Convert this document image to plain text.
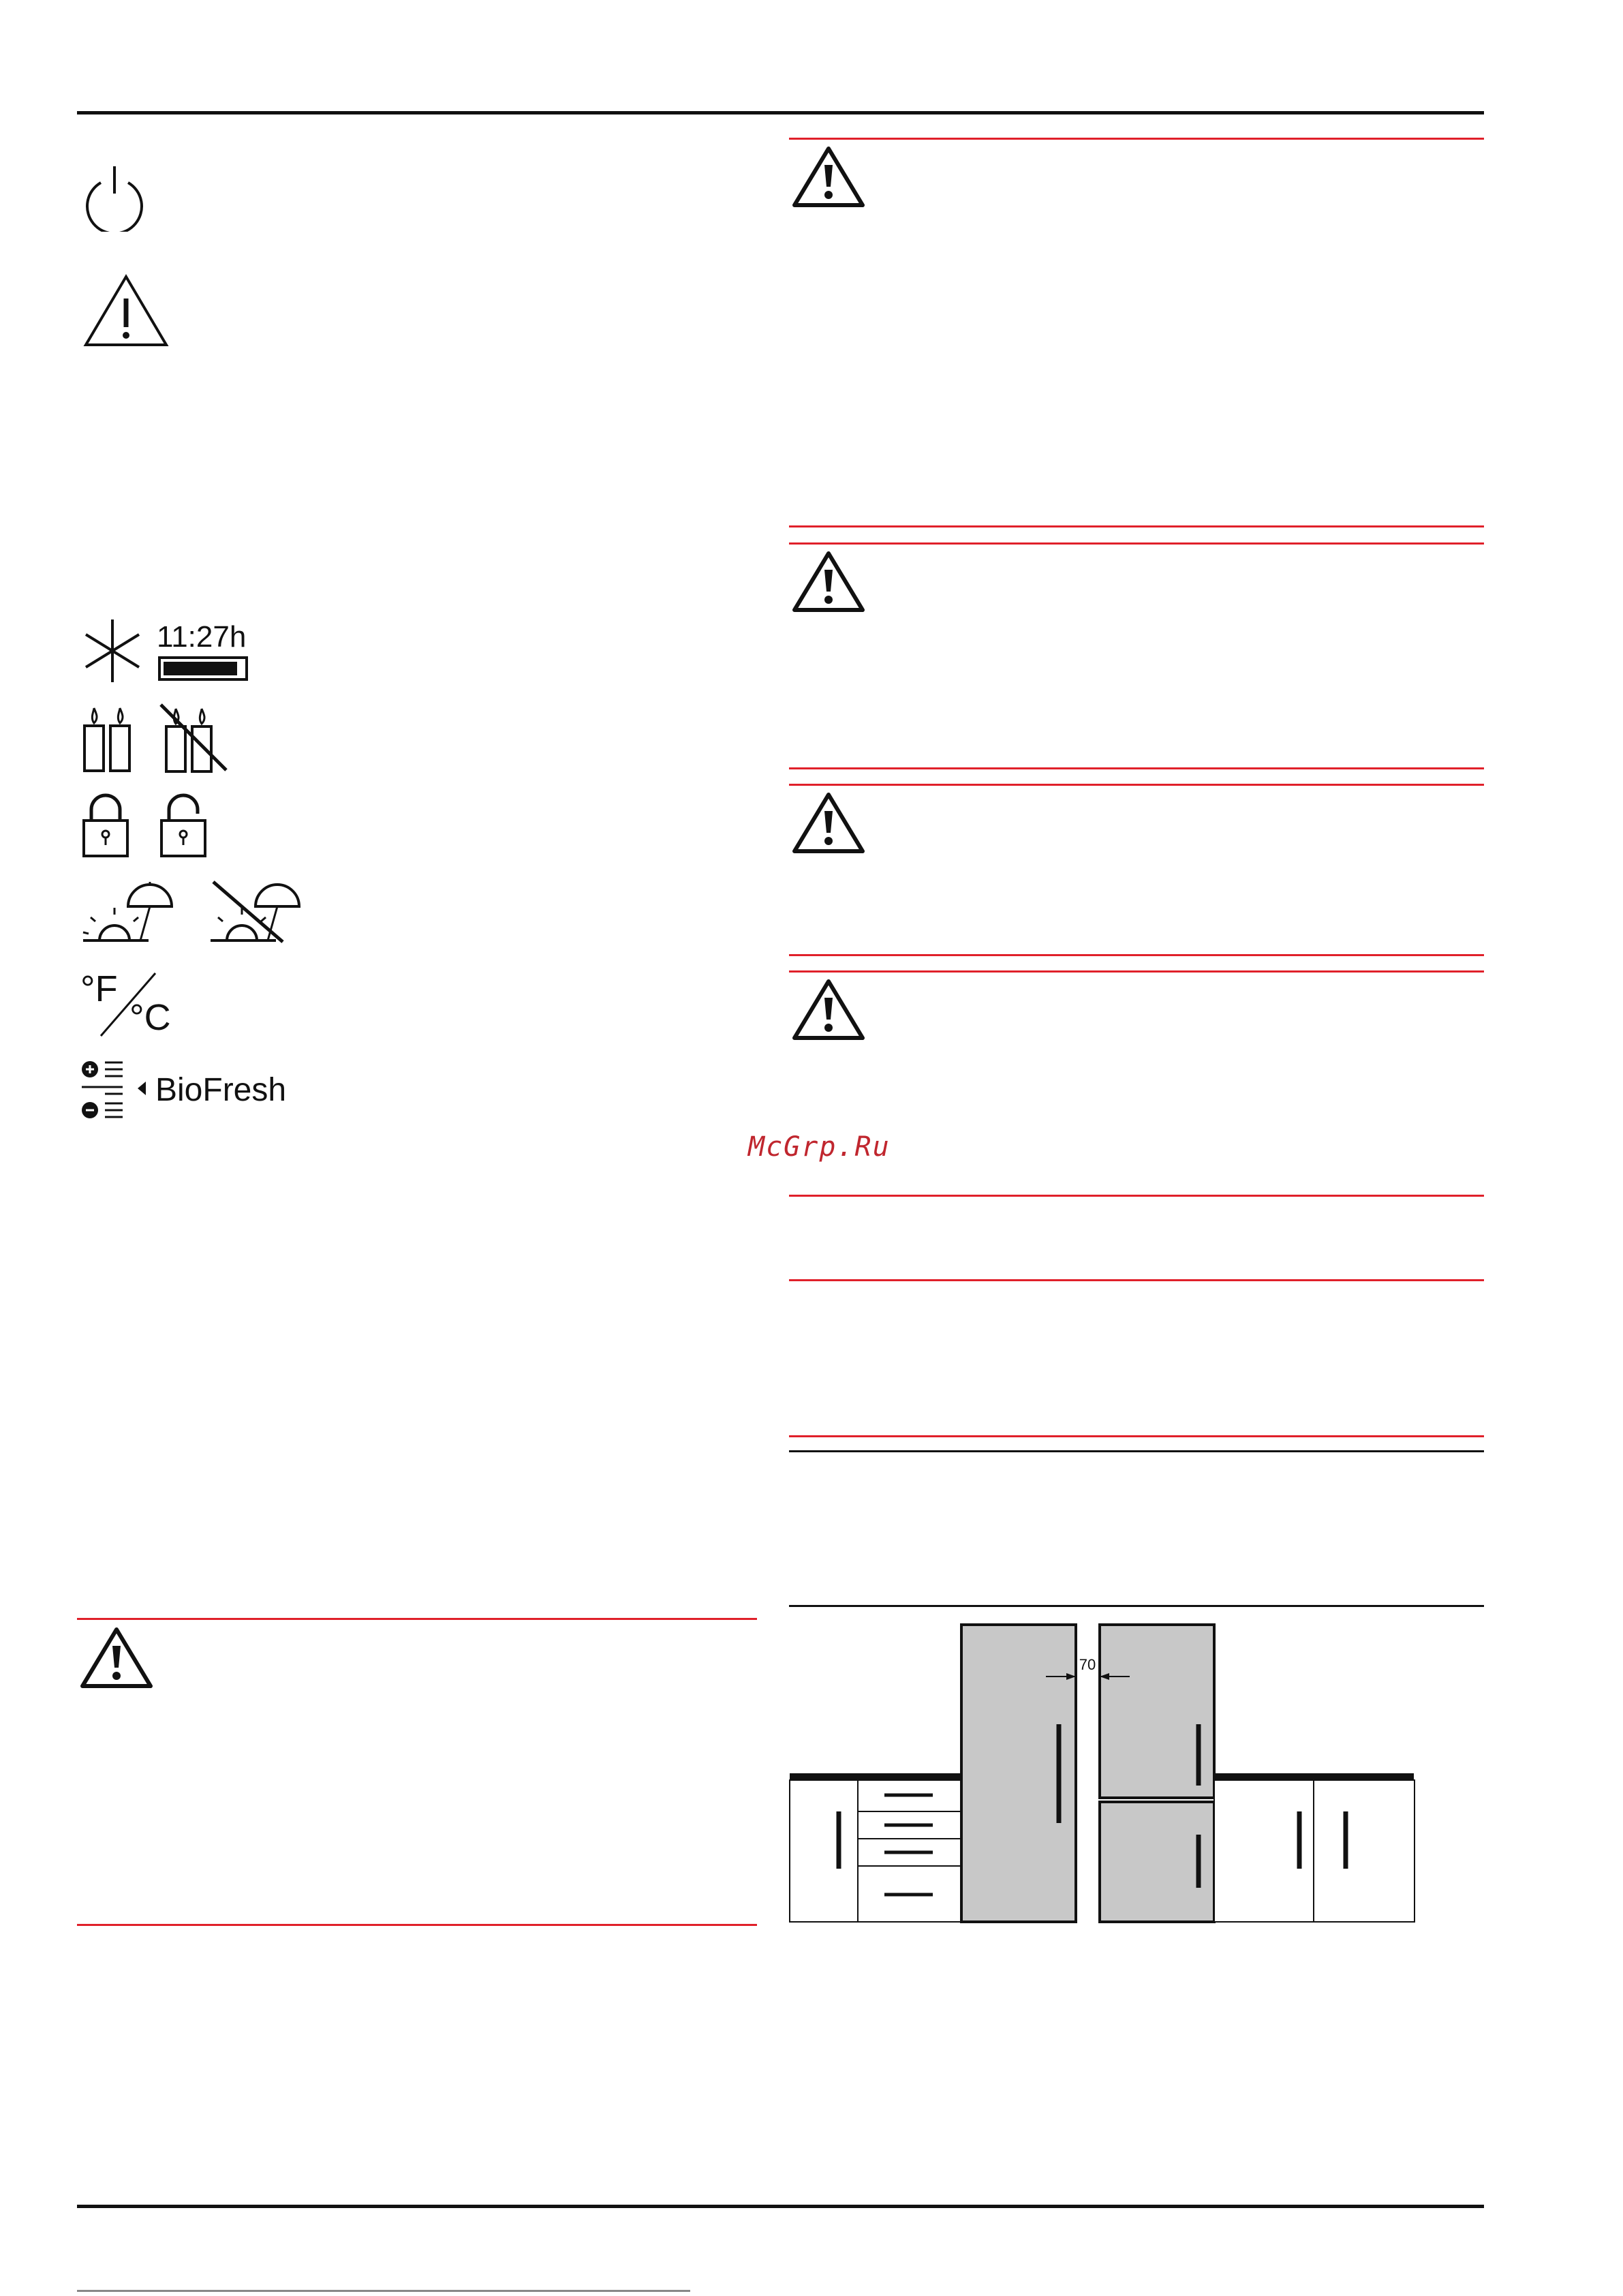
11:27h
°F
°C
BioFresh
McGrp.Ru
70
